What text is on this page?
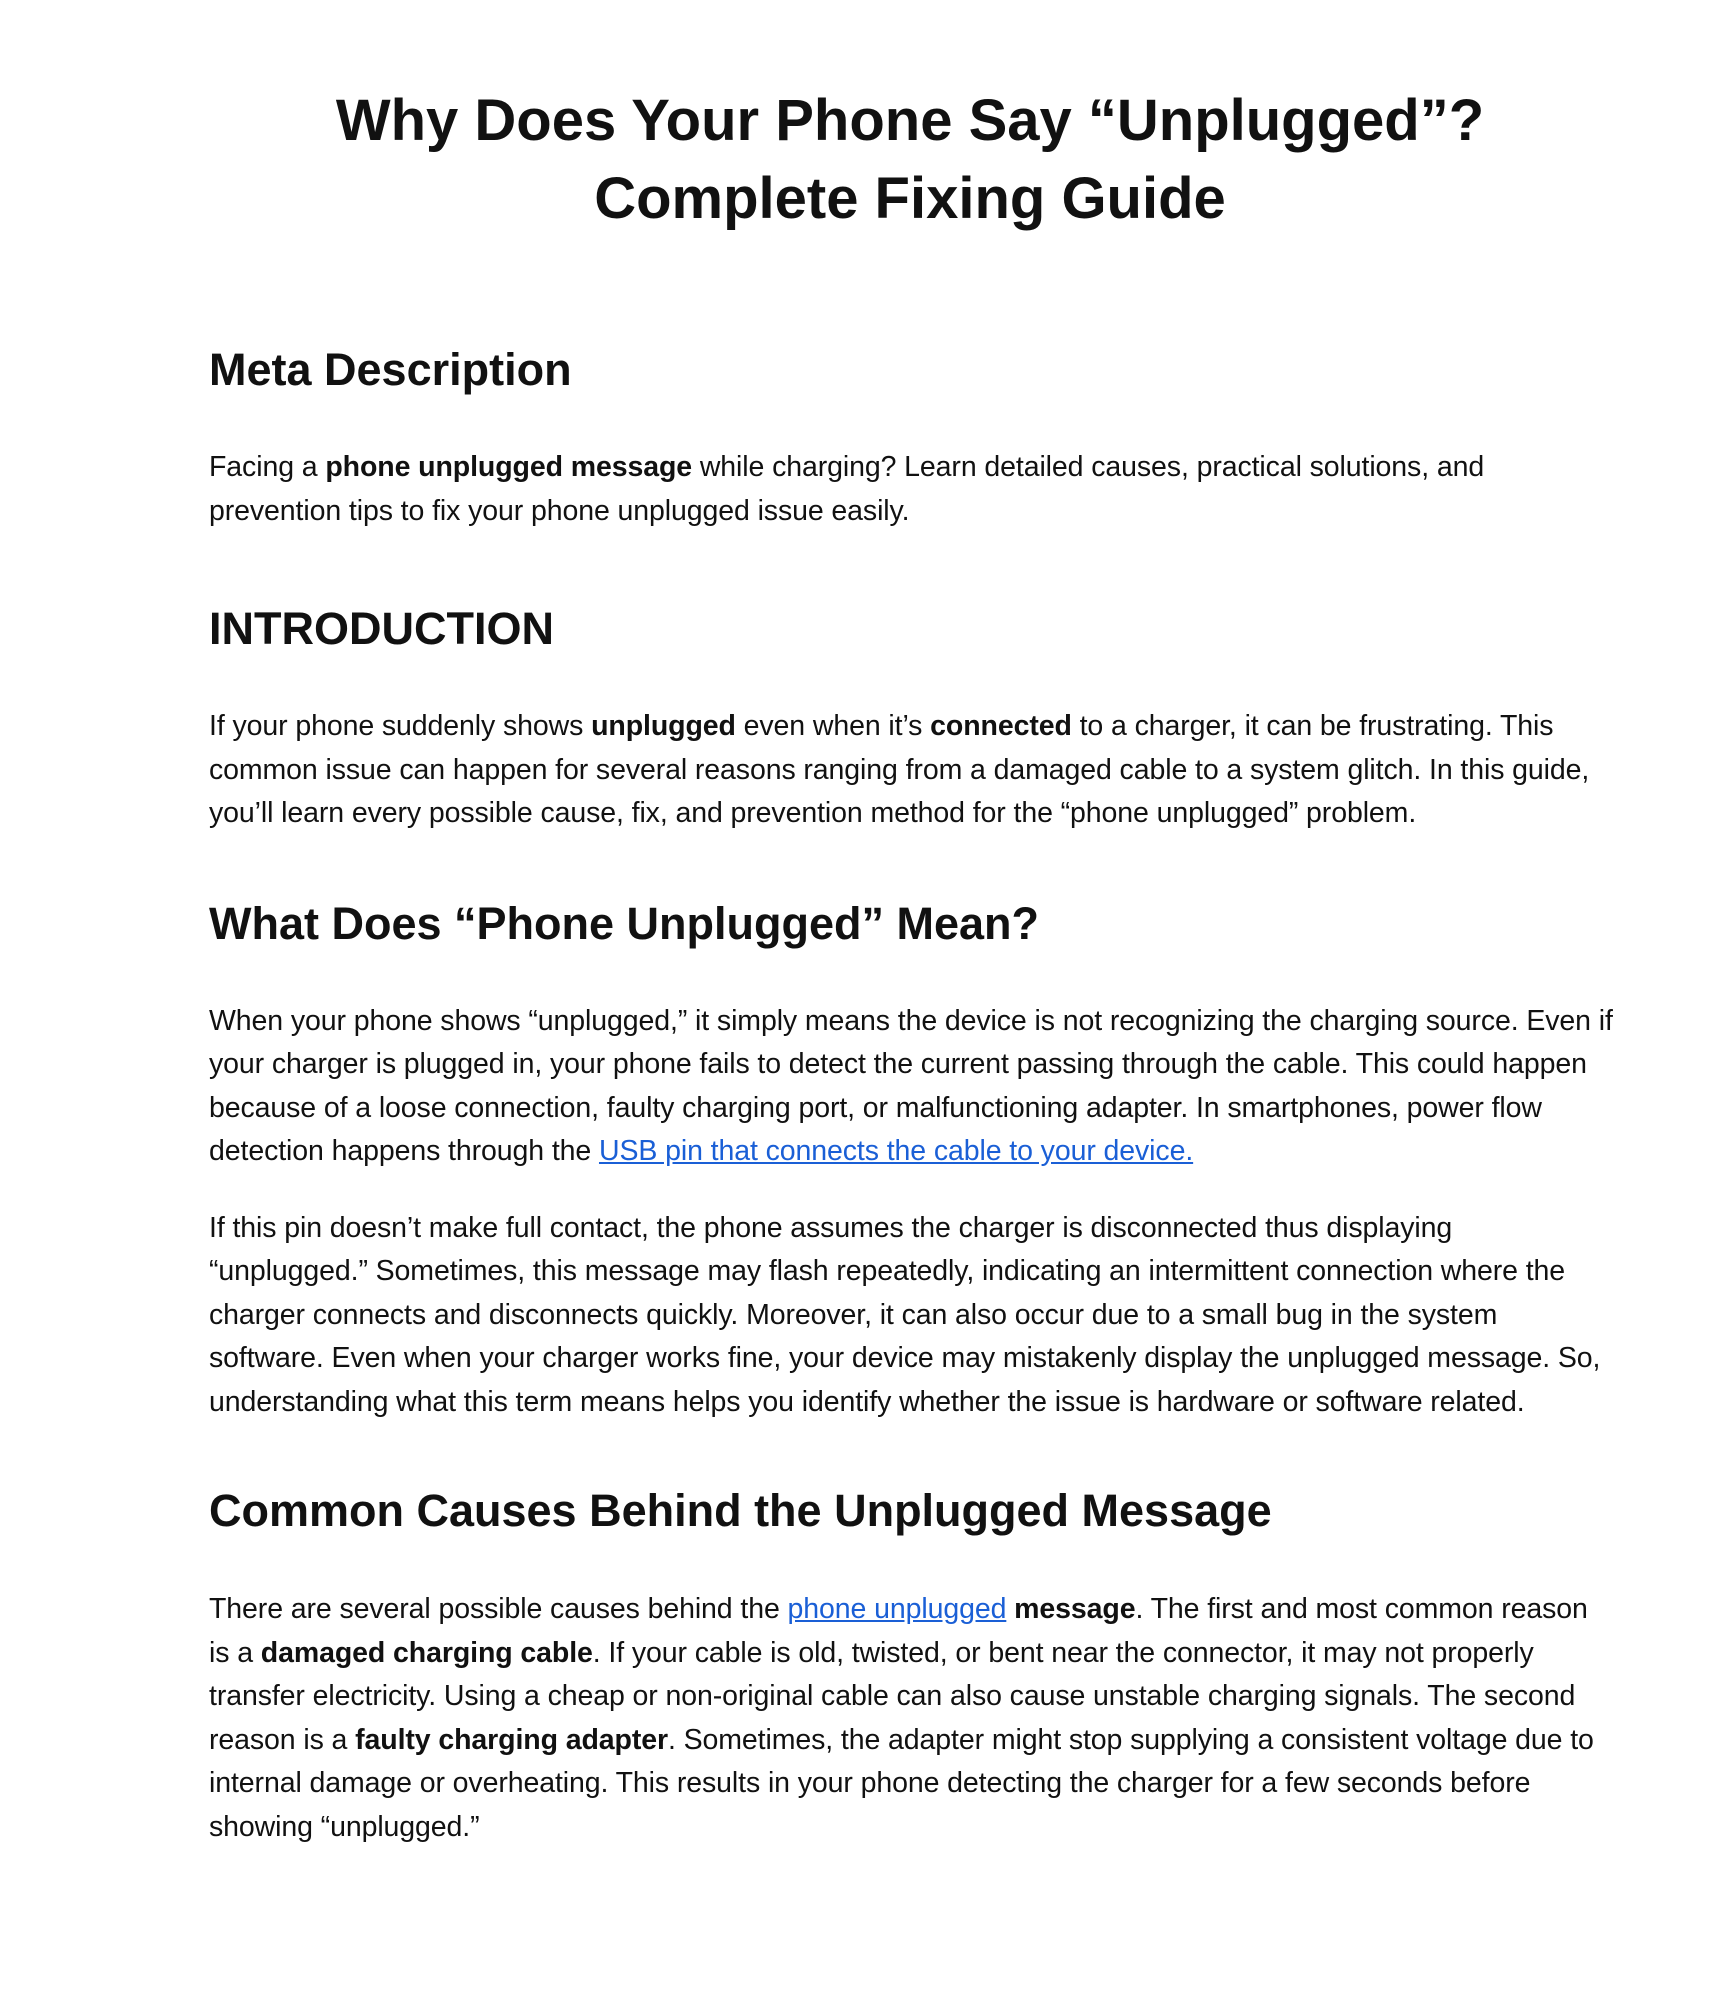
Why Does Your Phone Say “Unplugged”?
Complete Fixing Guide
Meta Description

Facing a phone unplugged message while charging? Learn detailed causes, practical solutions, and prevention tips to fix your phone unplugged issue easily.

INTRODUCTION

If your phone suddenly shows unplugged even when it’s connected to a charger, it can be frustrating. This common issue can happen for several reasons ranging from a damaged cable to a system glitch. In this guide, you’ll learn every possible cause, fix, and prevention method for the “phone unplugged” problem.

What Does “Phone Unplugged” Mean?

When your phone shows “unplugged,” it simply means the device is not recognizing the charging source. Even if your charger is plugged in, your phone fails to detect the current passing through the cable. This could happen because of a loose connection, faulty charging port, or malfunctioning adapter. In smartphones, power flow detection happens through the USB pin that connects the cable to your device.

If this pin doesn’t make full contact, the phone assumes the charger is disconnected thus displaying “unplugged.” Sometimes, this message may flash repeatedly, indicating an intermittent connection where the charger connects and disconnects quickly. Moreover, it can also occur due to a small bug in the system software. Even when your charger works fine, your device may mistakenly display the unplugged message. So, understanding what this term means helps you identify whether the issue is hardware or software related.

Common Causes Behind the Unplugged Message

There are several possible causes behind the phone unplugged message. The first and most common reason is a damaged charging cable. If your cable is old, twisted, or bent near the connector, it may not properly transfer electricity. Using a cheap or non-original cable can also cause unstable charging signals. The second reason is a faulty charging adapter. Sometimes, the adapter might stop supplying a consistent voltage due to internal damage or overheating. This results in your phone detecting the charger for a few seconds before showing “unplugged.”
